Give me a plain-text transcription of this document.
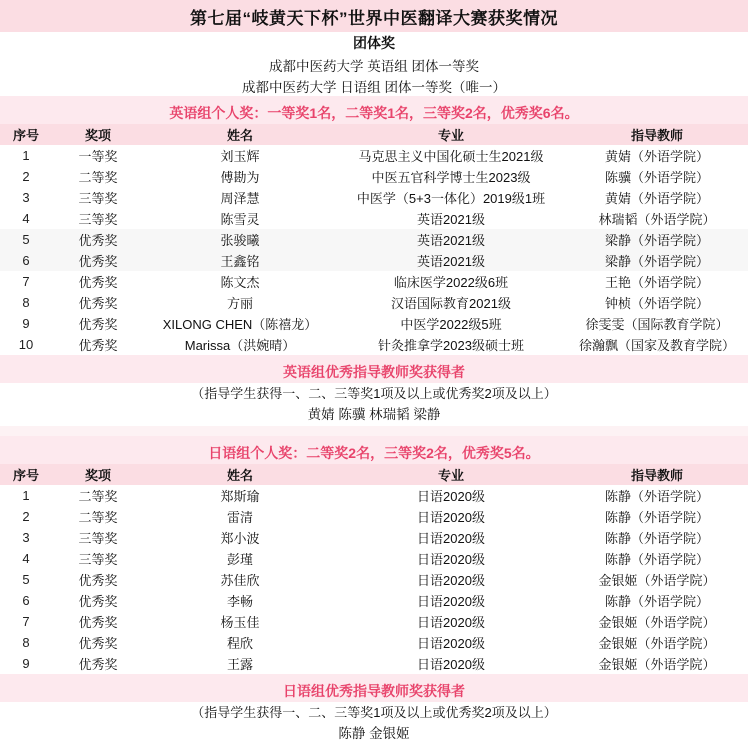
第七届“岐黄天下杯”世界中医翻译大赛获奖情况
团体奖
成都中医药大学 英语组 团体一等奖
成都中医药大学 日语组 团体一等奖（唯一）
英语组个人奖：一等奖1名，二等奖1名，三等奖2名，优秀奖6名。
序号	奖项	姓名	专业	指导教师
1	一等奖	刘玉辉	马克思主义中国化硕士生2021级	黄婧（外语学院）
2	二等奖	傅勘为	中医五官科学博士生2023级	陈骥（外语学院）
3	三等奖	周泽慧	中医学（5+3一体化）2019级1班	黄婧（外语学院）
4	三等奖	陈雪灵	英语2021级	林瑞韬（外语学院）
5	优秀奖	张骏曦	英语2021级	梁静（外语学院）
6	优秀奖	王鑫铭	英语2021级	梁静（外语学院）
7	优秀奖	陈文杰	临床医学2022级6班	王艳（外语学院）
8	优秀奖	方丽	汉语国际教育2021级	钟桢（外语学院）
9	优秀奖	XILONG CHEN（陈禧龙）	中医学2022级5班	徐雯雯（国际教育学院）
10	优秀奖	Marissa（洪婉晴）	针灸推拿学2023级硕士班	徐瀚飘（国家及教育学院）
英语组优秀指导教师奖获得者
（指导学生获得一、二、三等奖1项及以上或优秀奖2项及以上）
黄婧 陈骥 林瑞韬 梁静
日语组个人奖：二等奖2名，三等奖2名，优秀奖5名。
序号	奖项	姓名	专业	指导教师
1	二等奖	郑斯瑜	日语2020级	陈静（外语学院）
2	二等奖	雷清	日语2020级	陈静（外语学院）
3	三等奖	郑小波	日语2020级	陈静（外语学院）
4	三等奖	彭瑾	日语2020级	陈静（外语学院）
5	优秀奖	苏佳欣	日语2020级	金银姬（外语学院）
6	优秀奖	李畅	日语2020级	陈静（外语学院）
7	优秀奖	杨玉佳	日语2020级	金银姬（外语学院）
8	优秀奖	程欣	日语2020级	金银姬（外语学院）
9	优秀奖	王露	日语2020级	金银姬（外语学院）
日语组优秀指导教师奖获得者
（指导学生获得一、二、三等奖1项及以上或优秀奖2项及以上）
陈静 金银姬
